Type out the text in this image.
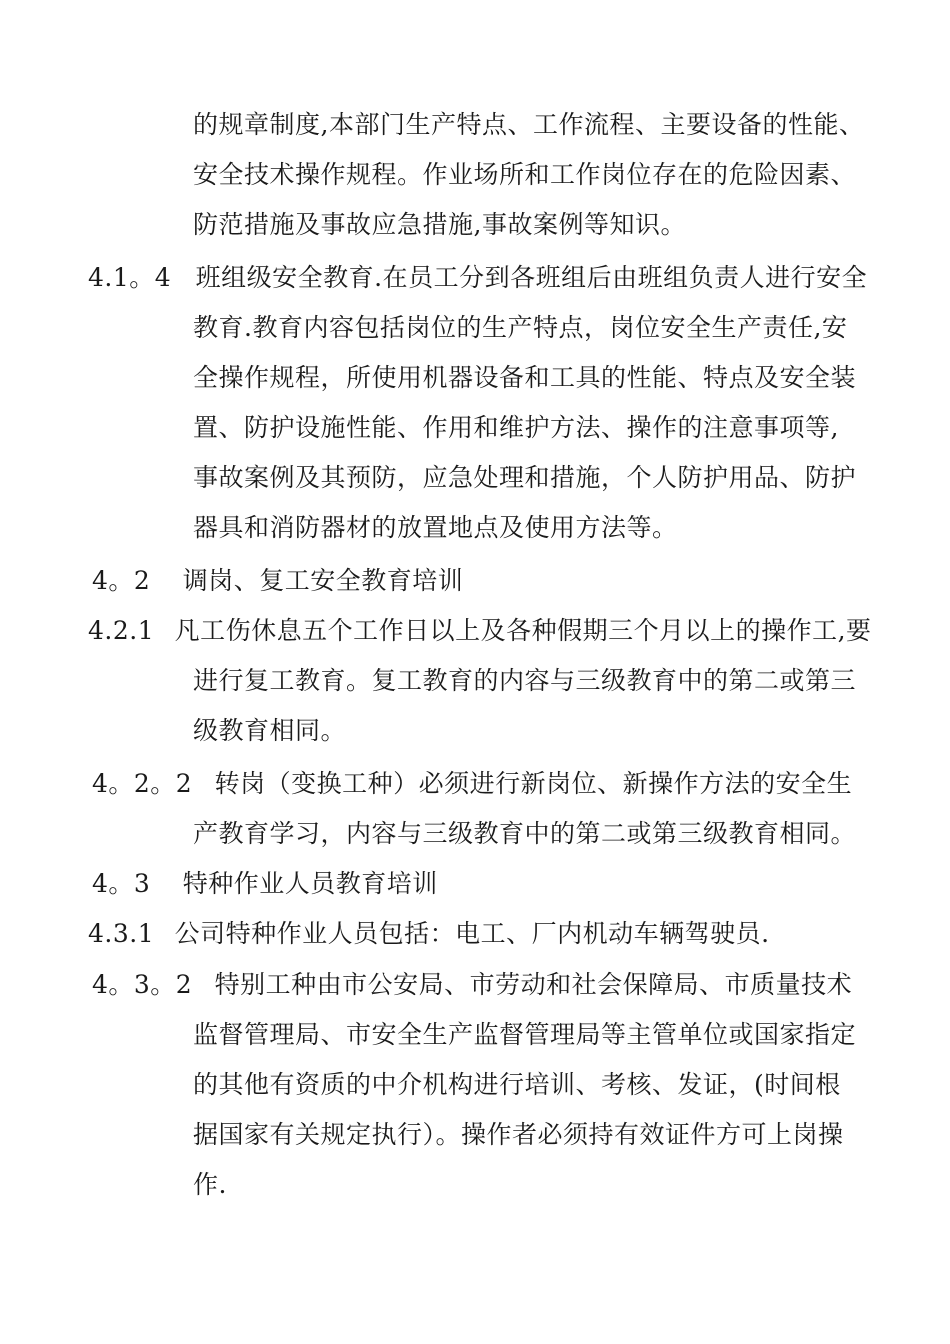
的规章制度,本部门生产特点、工作流程、主要设备的性能、
安全技术操作规程。作业场所和工作岗位存在的危险因素、
防范措施及事故应急措施,事故案例等知识。
4.1。4 班组级安全教育.在员工分到各班组后由班组负责人进行安全
教育.教育内容包括岗位的生产特点，岗位安全生产责任,安
全操作规程，所使用机器设备和工具的性能、特点及安全装
置、防护设施性能、作用和维护方法、操作的注意事项等,
事故案例及其预防，应急处理和措施，个人防护用品、防护
器具和消防器材的放置地点及使用方法等。
4。2 调岗、复工安全教育培训
4.2.1 凡工伤休息五个工作日以上及各种假期三个月以上的操作工,要
进行复工教育。复工教育的内容与三级教育中的第二或第三
级教育相同。
4。2。2 转岗（变换工种）必须进行新岗位、新操作方法的安全生
产教育学习，内容与三级教育中的第二或第三级教育相同。
4。3 特种作业人员教育培训
4.3.1 公司特种作业人员包括：电工、厂内机动车辆驾驶员.
4。3。2 特别工种由市公安局、市劳动和社会保障局、市质量技术
监督管理局、市安全生产监督管理局等主管单位或国家指定
的其他有资质的中介机构进行培训、考核、发证，(时间根
据国家有关规定执行）。操作者必须持有效证件方可上岗操
作.
